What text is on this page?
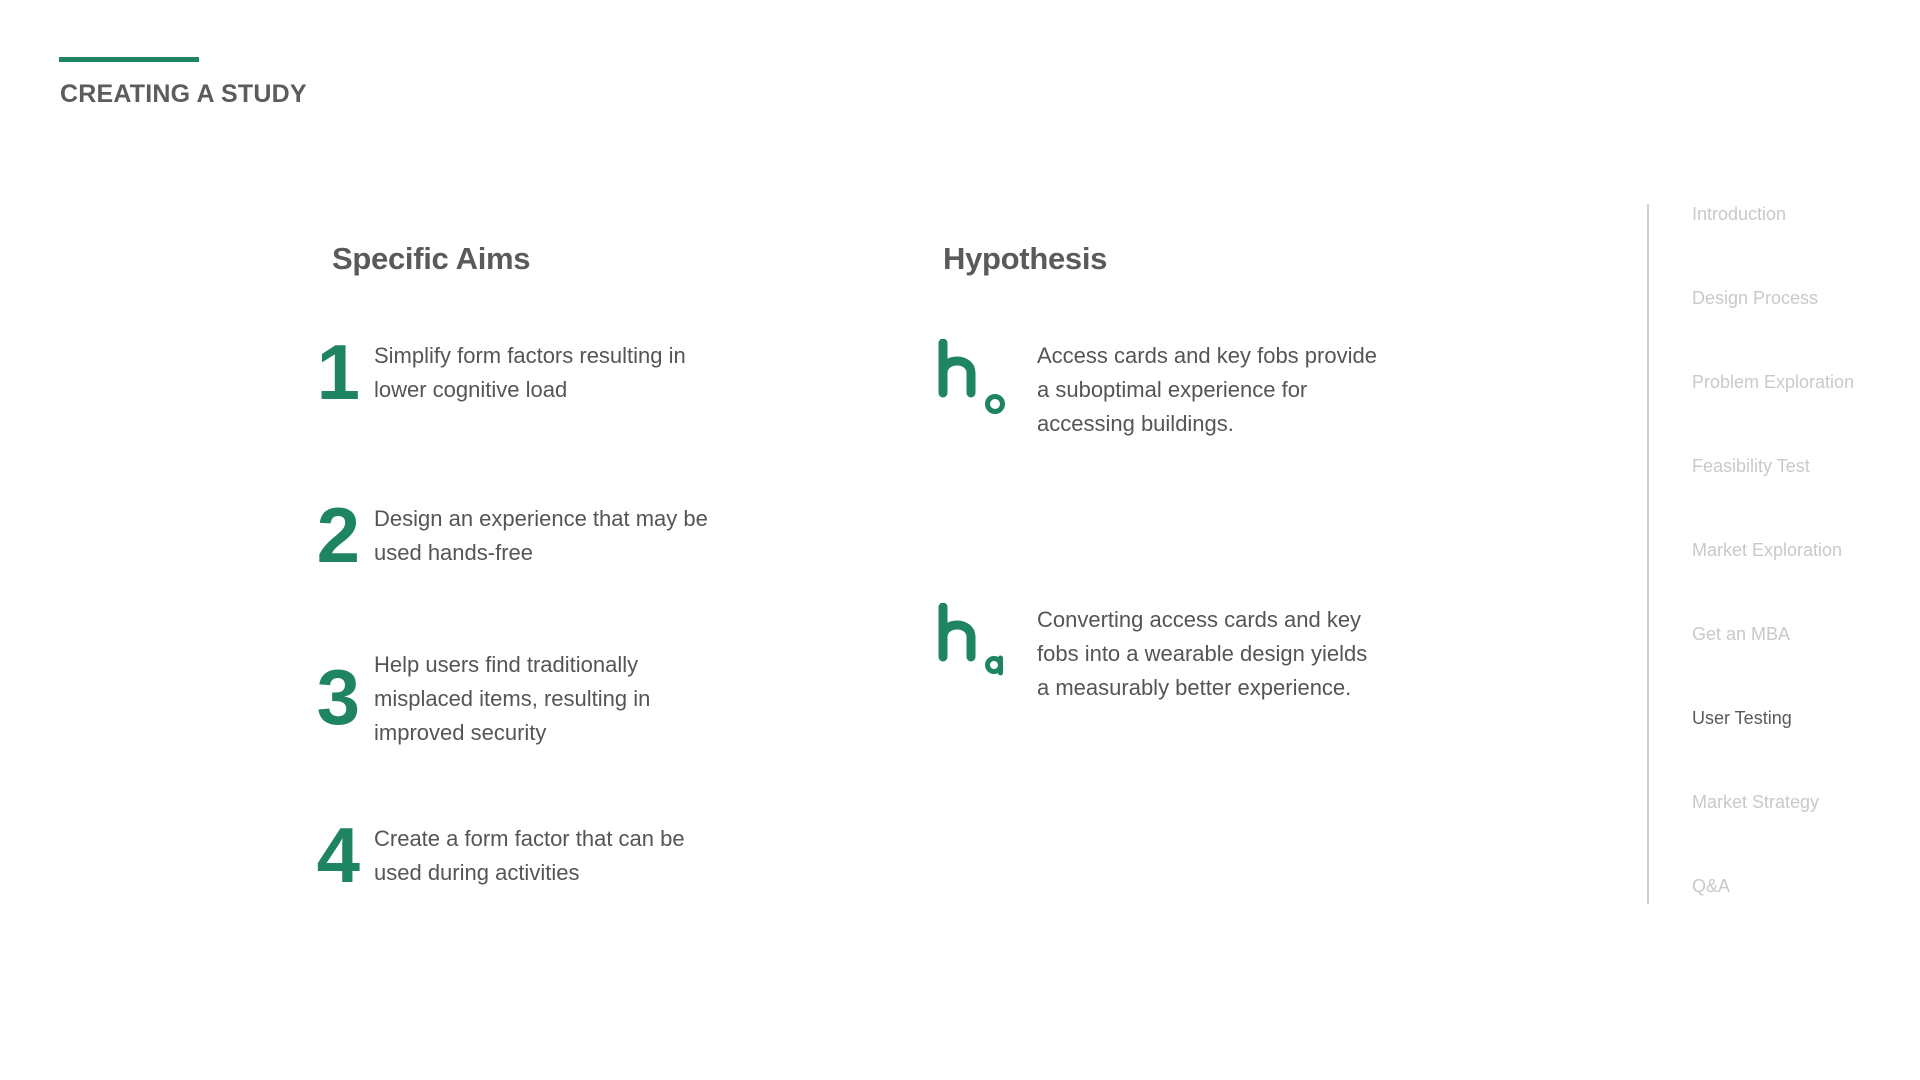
CREATING A STUDY
Specific Aims
1 Simplify form factors resulting in lower cognitive load

2 Design an experience that may be used hands-free

3 Help users find traditionally misplaced items, resulting in improved security

4 Create a form factor that can be used during activities

Hypothesis

Access cards and key fobs provide a suboptimal experience for accessing buildings.

Converting access cards and key fobs into a wearable design yields a measurably better experience.

Introduction
Design Process
Problem Exploration
Feasibility Test
Market Exploration
Get an MBA
User Testing
Market Strategy
Q&A
